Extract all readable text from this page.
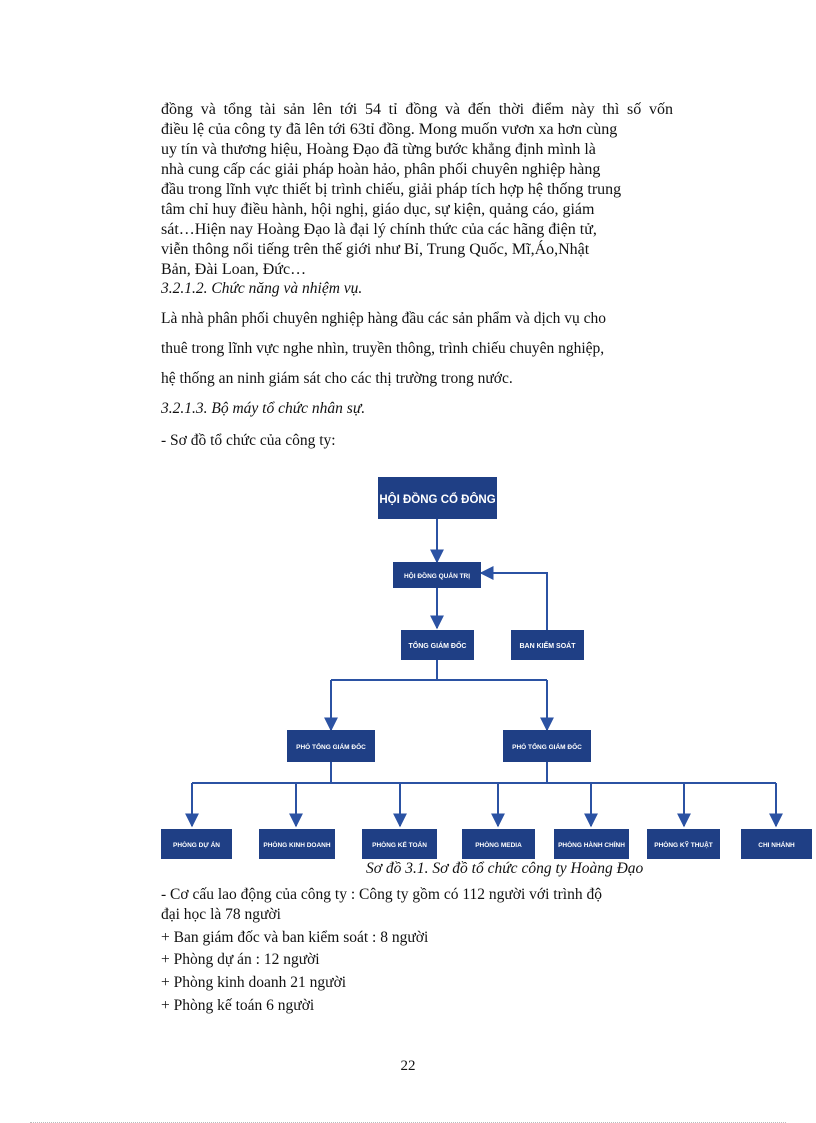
đồng và tổng tài sản lên tới 54 tỉ đồng và đến thời điểm này thì số vốn
điều lệ của công ty đã lên tới 63tỉ đồng. Mong muốn vươn xa hơn cùng
uy tín và thương hiệu, Hoàng Đạo đã từng bước khẳng định mình là
nhà cung cấp các giải pháp hoàn hảo, phân phối chuyên nghiệp hàng
đầu trong lĩnh vực thiết bị trình chiếu, giải pháp tích hợp hệ thống trung
tâm chỉ huy điều hành, hội nghị, giáo dục, sự kiện, quảng cáo, giám
sát…Hiện nay Hoàng Đạo là đại lý chính thức của các hãng điện tử,
viễn thông nổi tiếng trên thế giới như Bỉ, Trung Quốc, Mĩ,Áo,Nhật
Bản, Đài Loan, Đức…
3.2.1.2. Chức năng và nhiệm vụ.
Là nhà phân phối chuyên nghiệp hàng đầu các sản phẩm và dịch vụ cho
thuê trong lĩnh vực nghe nhìn, truyền thông, trình chiếu chuyên nghiệp,
hệ thống an ninh giám sát cho các thị trường trong nước.
3.2.1.3. Bộ máy tổ chức nhân sự.
- Sơ đồ tổ chức của công ty:
HỘI ĐỒNG CỔ ĐÔNG
HỘI ĐỒNG QUẢN TRỊ
TỔNG GIÁM ĐỐC	BAN KIỂM SOÁT
PHÓ TỔNG GIÁM ĐỐC	PHÓ TỔNG GIÁM ĐỐC
PHÒNG DỰ ÁN	PHÒNG KINH DOANH	PHÒNG KẾ TOÁN	PHÒNG MEDIA	PHÒNG HÀNH CHÍNH	PHÒNG KỸ THUẬT	CHI NHÁNH
Sơ đồ 3.1. Sơ đồ tổ chức công ty Hoàng Đạo
- Cơ cấu lao động của công ty : Công ty gồm có 112 người với trình độ
đại học là 78 người
+ Ban giám đốc và ban kiểm soát : 8 người
+ Phòng dự án : 12 người
+ Phòng kinh doanh 21 người
+ Phòng kế toán 6 người
22
